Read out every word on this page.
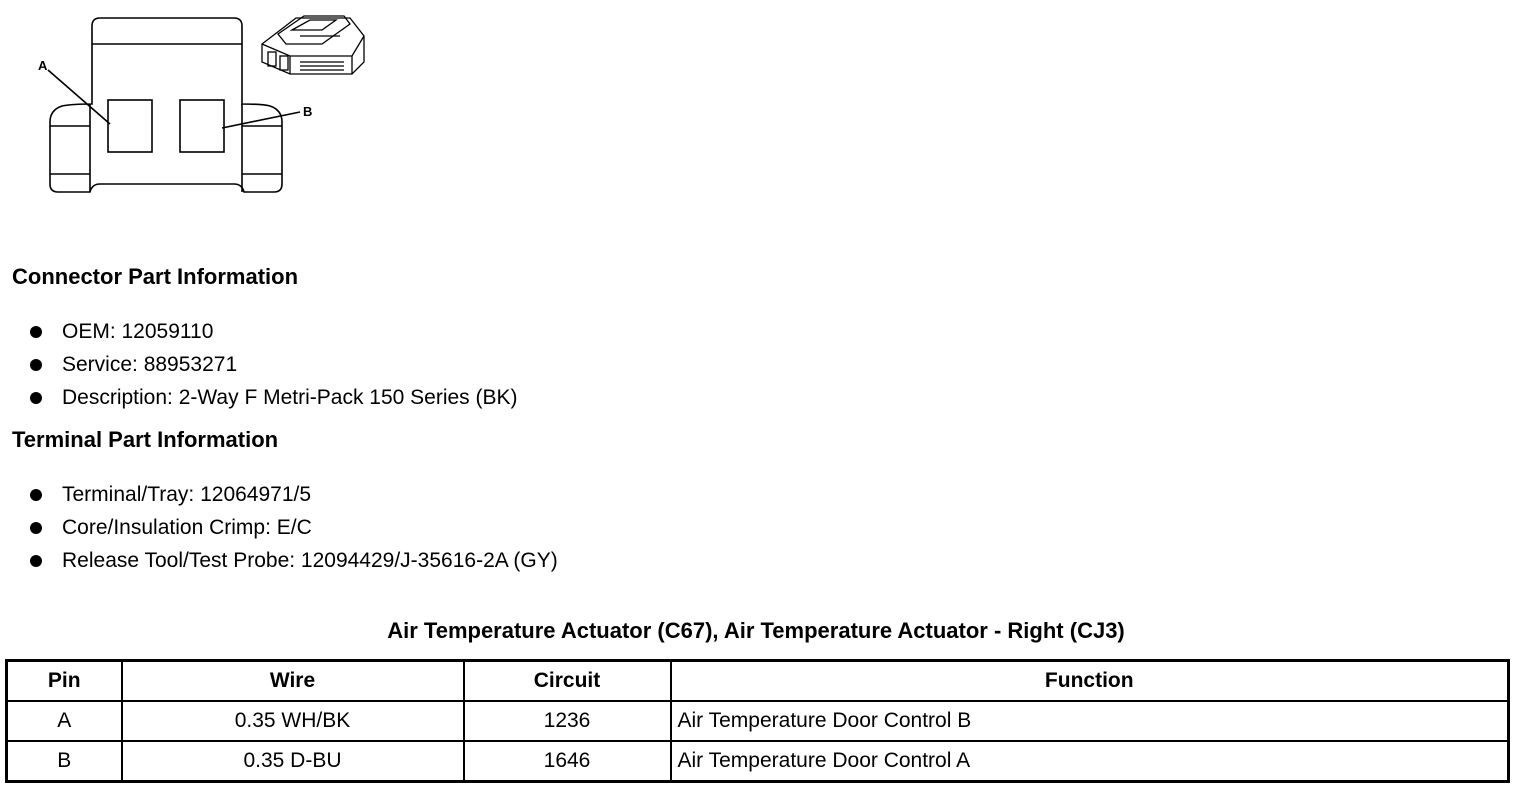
A
B
Connector Part Information
OEM: 12059110
Service: 88953271
Description: 2-Way F Metri-Pack 150 Series (BK)
Terminal Part Information
Terminal/Tray: 12064971/5
Core/Insulation Crimp: E/C
Release Tool/Test Probe: 12094429/J-35616-2A (GY)
Air Temperature Actuator (C67), Air Temperature Actuator - Right (CJ3)
Pin	Wire	Circuit	Function
A	0.35 WH/BK	1236	Air Temperature Door Control B
B	0.35 D-BU	1646	Air Temperature Door Control A
